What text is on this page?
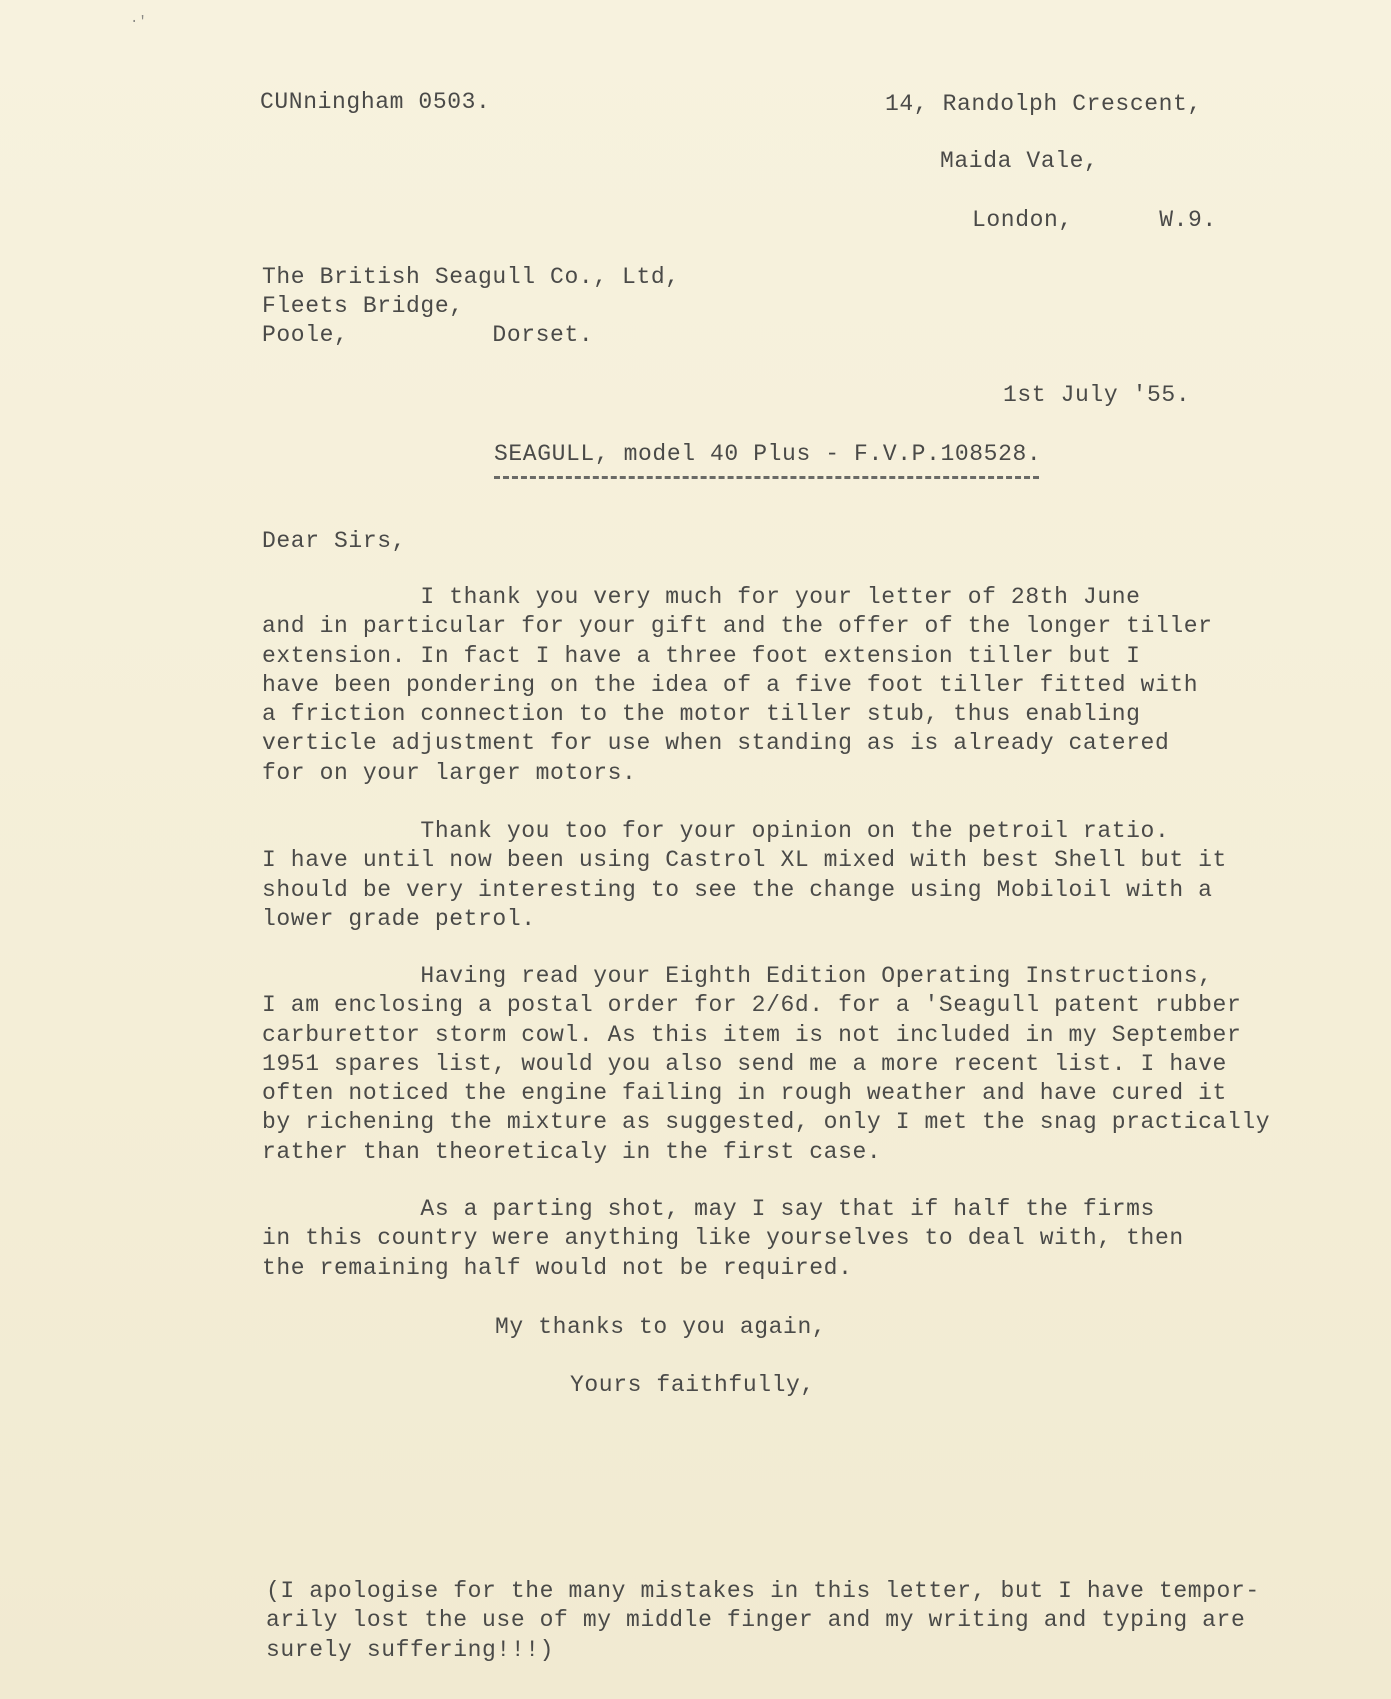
·'
CUNningham 0503.	14, Randolph Crescent,
Maida Vale,
London,      W.9.
The British Seagull Co., Ltd,
Fleets Bridge,
Poole,          Dorset.
1st July '55.
SEAGULL, model 40 Plus - F.V.P.108528.
Dear Sirs,
I thank you very much for your letter of 28th June
and in particular for your gift and the offer of the longer tiller
extension. In fact I have a three foot extension tiller but I
have been pondering on the idea of a five foot tiller fitted with
a friction connection to the motor tiller stub, thus enabling
verticle adjustment for use when standing as is already catered
for on your larger motors.
Thank you too for your opinion on the petroil ratio.
I have until now been using Castrol XL mixed with best Shell but it
should be very interesting to see the change using Mobiloil with a
lower grade petrol.
Having read your Eighth Edition Operating Instructions,
I am enclosing a postal order for 2/6d. for a 'Seagull patent rubber
carburettor storm cowl. As this item is not included in my September
1951 spares list, would you also send me a more recent list. I have
often noticed the engine failing in rough weather and have cured it
by richening the mixture as suggested, only I met the snag practically
rather than theoreticaly in the first case.
As a parting shot, may I say that if half the firms
in this country were anything like yourselves to deal with, then
the remaining half would not be required.
My thanks to you again,
Yours faithfully,
(I apologise for the many mistakes in this letter, but I have tempor-
arily lost the use of my middle finger and my writing and typing are
surely suffering!!!)
